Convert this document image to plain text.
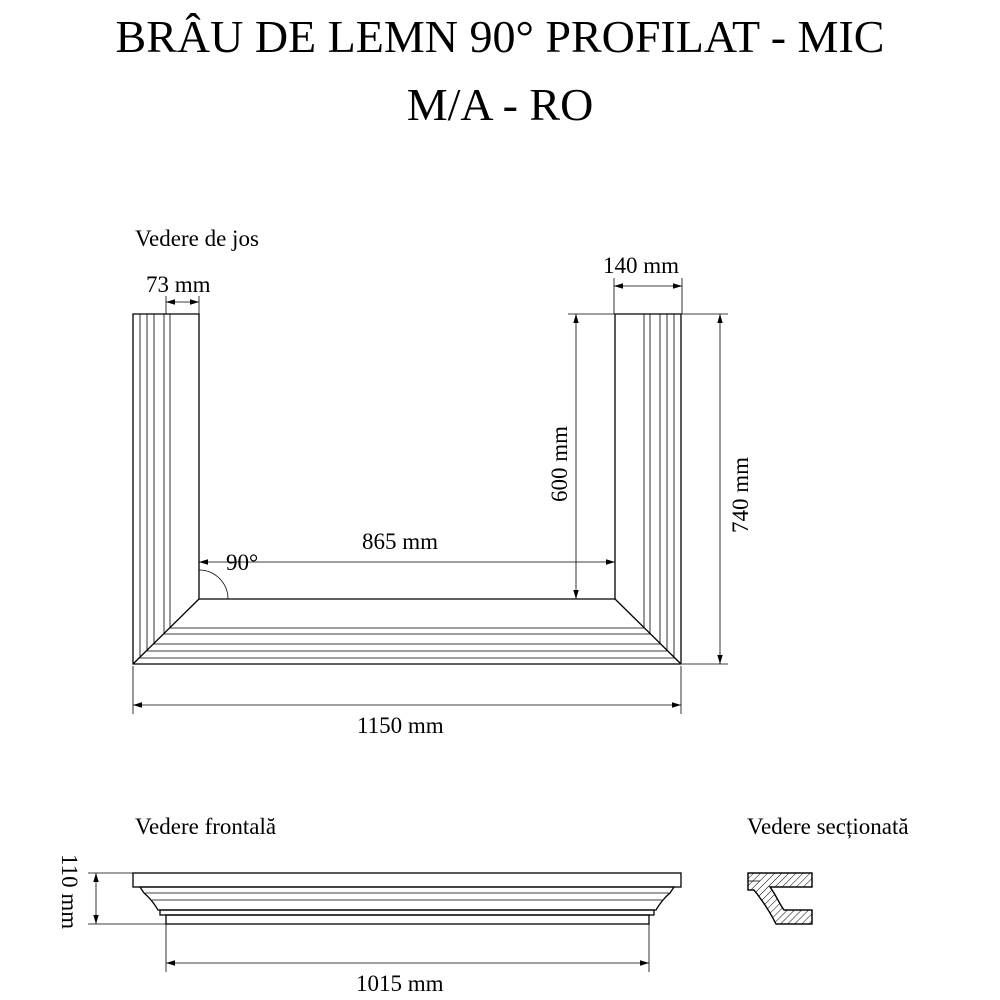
BRÂU DE LEMN 90° PROFILAT - MIC
M/A - RO
Vedere de jos
73 mm
140 mm
600 mm	740 mm
865 mm
90°
1150 mm
Vedere frontală
110 mm
1015 mm
Vedere secționată
